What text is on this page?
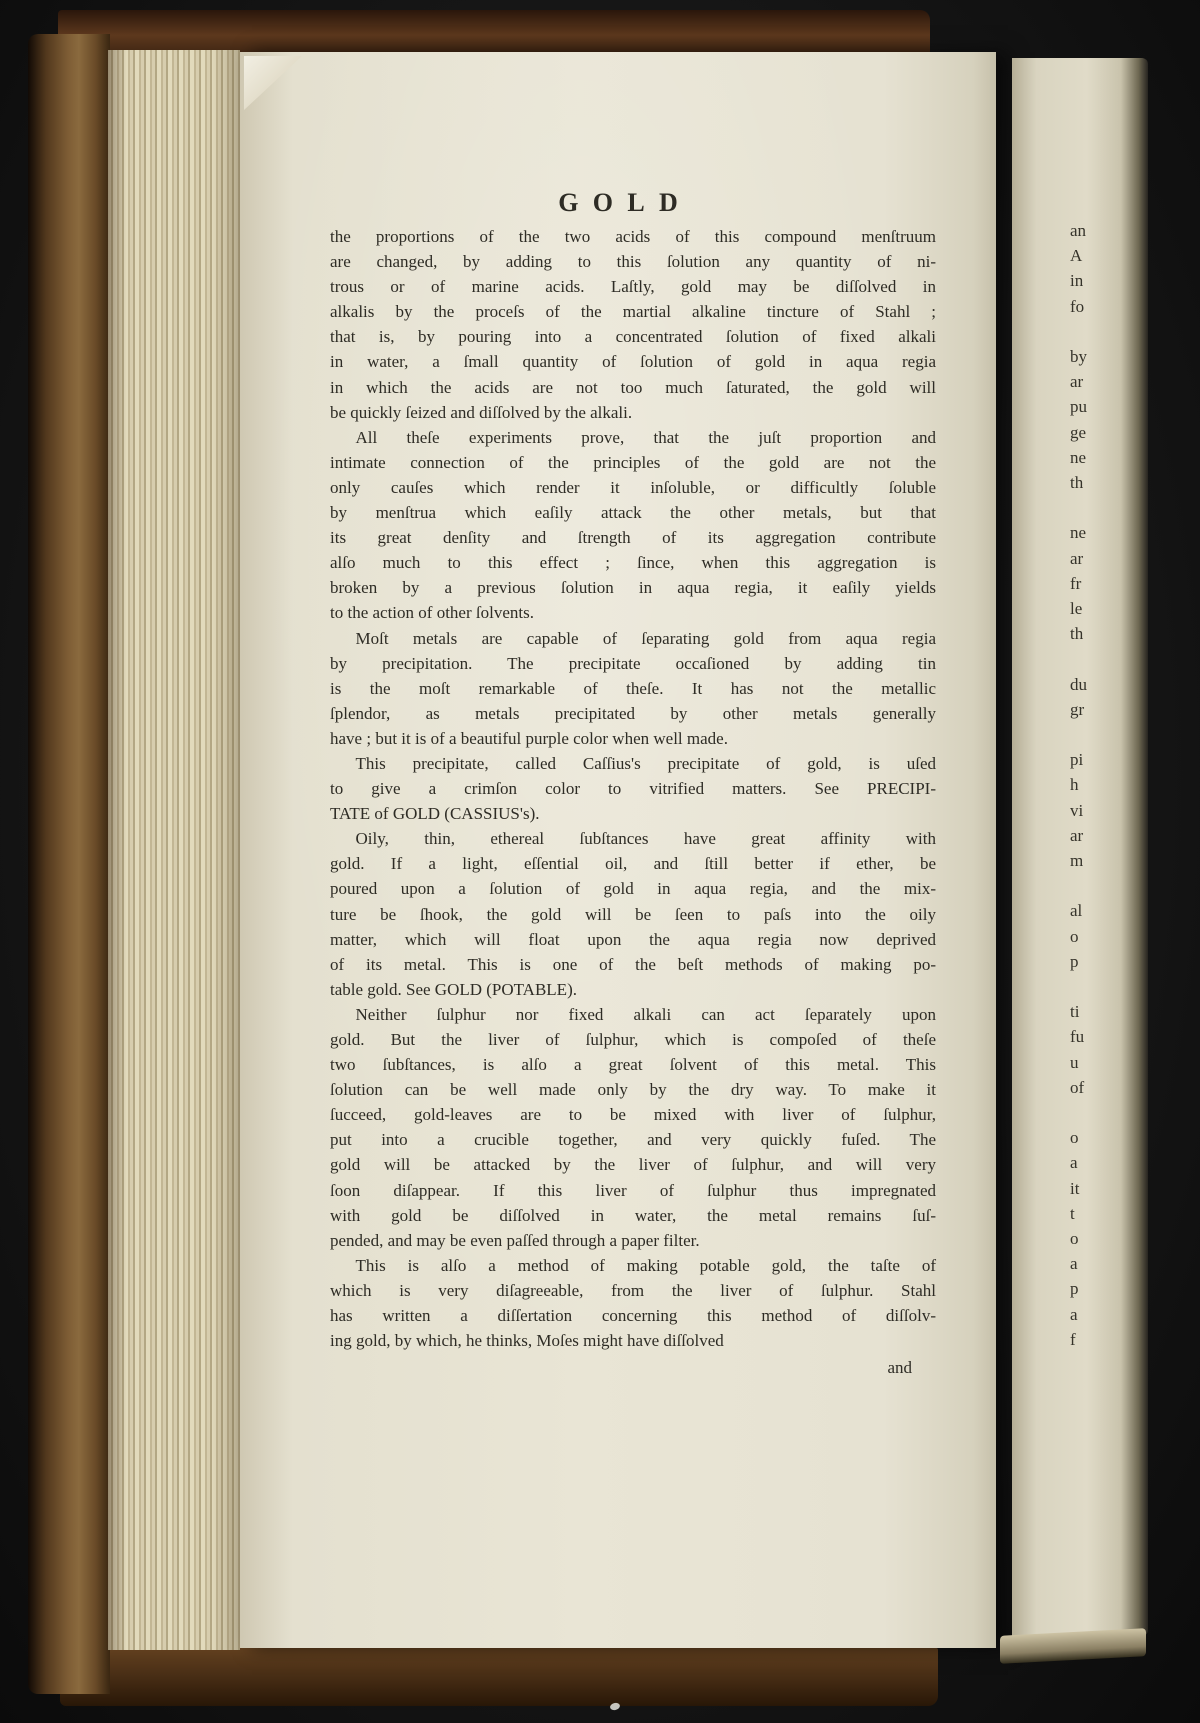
GOLD
the proportions of the two acids of this compound menſtruum
are changed, by adding to this ſolution any quantity of ni-
trous or of marine acids. Laſtly, gold may be diſſolved in
alkalis by the proceſs of the martial alkaline tincture of Stahl ;
that is, by pouring into a concentrated ſolution of fixed alkali
in water, a ſmall quantity of ſolution of gold in aqua regia
in which the acids are not too much ſaturated, the gold will
be quickly ſeized and diſſolved by the alkali.
All theſe experiments prove, that the juſt proportion and
intimate connection of the principles of the gold are not the
only cauſes which render it inſoluble, or difficultly ſoluble
by menſtrua which eaſily attack the other metals, but that
its great denſity and ſtrength of its aggregation contribute
alſo much to this effect ; ſince, when this aggregation is
broken by a previous ſolution in aqua regia, it eaſily yields
to the action of other ſolvents.
Moſt metals are capable of ſeparating gold from aqua regia
by precipitation. The precipitate occaſioned by adding tin
is the moſt remarkable of theſe. It has not the metallic
ſplendor, as metals precipitated by other metals generally
have ; but it is of a beautiful purple color when well made.
This precipitate, called Caſſius's precipitate of gold, is uſed
to give a crimſon color to vitrified matters. See PRECIPI-
TATE of GOLD (CASSIUS's).
Oily, thin, ethereal ſubſtances have great affinity with
gold. If a light, eſſential oil, and ſtill better if ether, be
poured upon a ſolution of gold in aqua regia, and the mix-
ture be ſhook, the gold will be ſeen to paſs into the oily
matter, which will float upon the aqua regia now deprived
of its metal. This is one of the beſt methods of making po-
table gold. See GOLD (POTABLE).
Neither ſulphur nor fixed alkali can act ſeparately upon
gold. But the liver of ſulphur, which is compoſed of theſe
two ſubſtances, is alſo a great ſolvent of this metal. This
ſolution can be well made only by the dry way. To make it
ſucceed, gold-leaves are to be mixed with liver of ſulphur,
put into a crucible together, and very quickly fuſed. The
gold will be attacked by the liver of ſulphur, and will very
ſoon diſappear. If this liver of ſulphur thus impregnated
with gold be diſſolved in water, the metal remains ſuſ-
pended, and may be even paſſed through a paper filter.
This is alſo a method of making potable gold, the taſte of
which is very diſagreeable, from the liver of ſulphur. Stahl
has written a diſſertation concerning this method of diſſolv-
ing gold, by which, he thinks, Moſes might have diſſolved
and
an
A
in
fo
by
ar
pu
ge
ne
th
ne
ar
fr
le
th
du
gr
pi
h
vi
ar
m
al
o
p
ti
fu
u
of
o
a
it
t
o
a
p
a
f
